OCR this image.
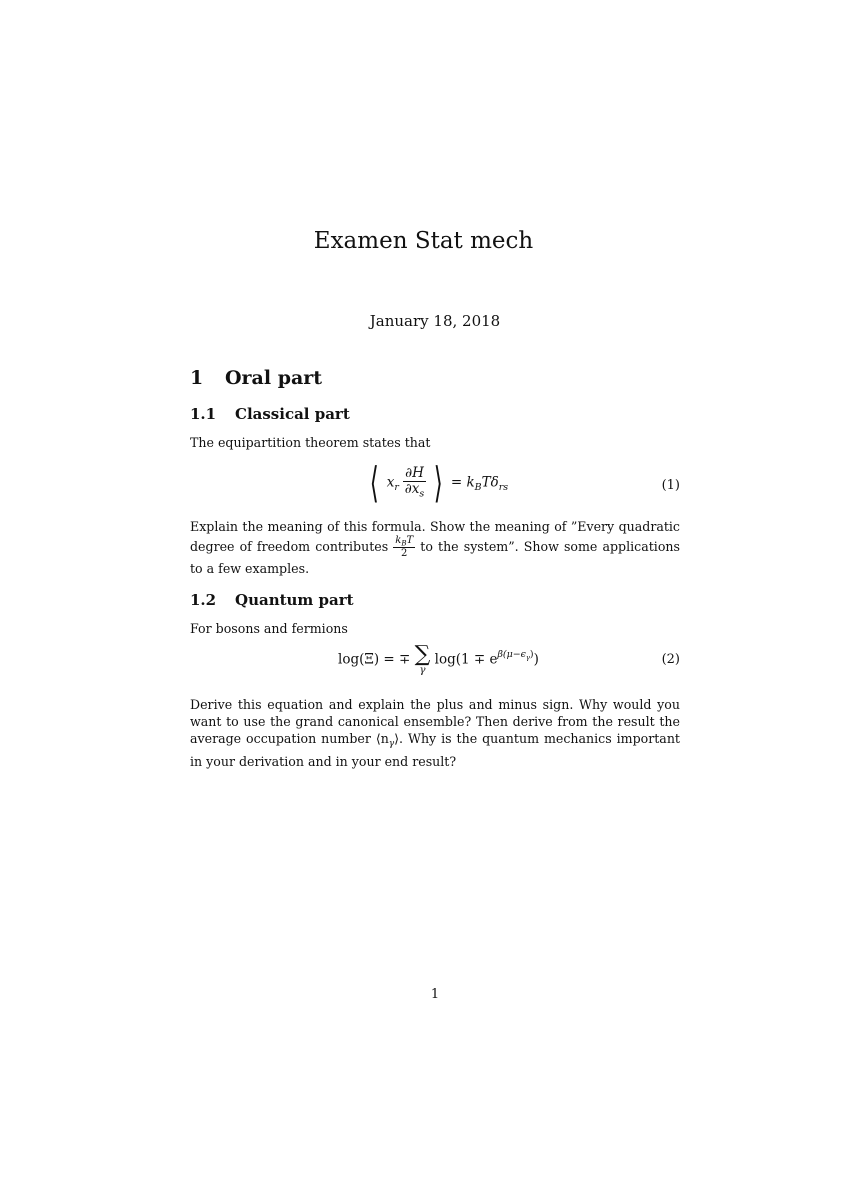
Examen Stat mech
January 18, 2018
1 Oral part
1.1 Classical part
The equipartition theorem states that
⟨ $x_r \frac{\partial H}{\partial x_s}$ ⟩ = $k_BT\delta_{rs}$	(1)
Explain the meaning of this formula. Show the meaning of ”Every quadratic degree of freedom contributes $\frac{k_BT}{2}$ to the system”. Show some applications to a few examples.
1.2 Quantum part
For bosons and fermions
log(Ξ) = ∓ ∑
γ
$\log(1 \mp e^{\beta(\mu-\epsilon_\gamma)})$	(2)
Derive this equation and explain the plus and minus sign. Why would you want to use the grand canonical ensemble? Then derive from the result the average occupation number $⟨n_\gamma⟩$. Why is the quantum mechanics important in your derivation and in your end result?
1
